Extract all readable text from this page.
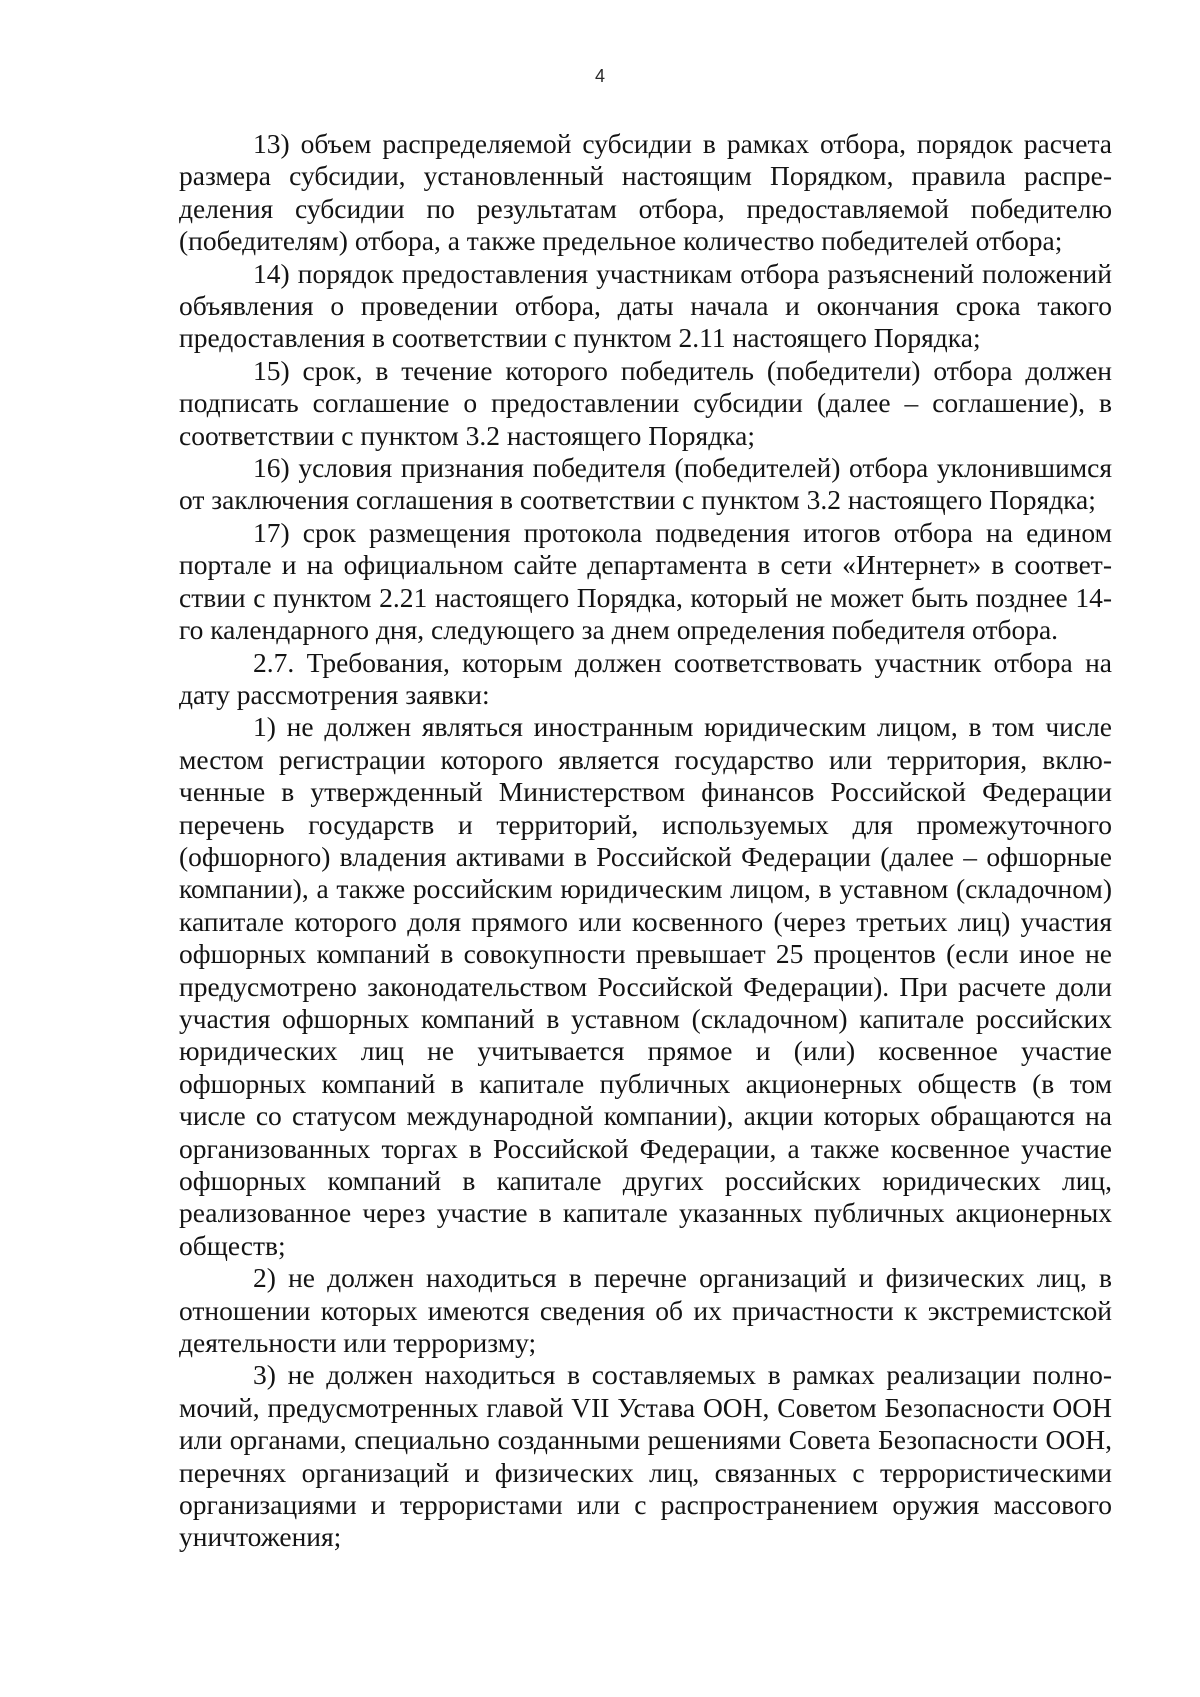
4

13) объем распределяемой субсидии в рамках отбора, порядок расчета размера субсидии, установленный настоящим Порядком, правила распределения субсидии по результатам отбора, предоставляемой победителю (победителям) отбора, а также предельное количество победителей отбора;

14) порядок предоставления участникам отбора разъяснений положений объявления о проведении отбора, даты начала и окончания срока такого предоставления в соответствии с пунктом 2.11 настоящего Порядка;

15) срок, в течение которого победитель (победители) отбора должен подписать соглашение о предоставлении субсидии (далее – соглашение), в соответствии с пунктом 3.2 настоящего Порядка;

16) условия признания победителя (победителей) отбора уклонившимся от заключения соглашения в соответствии с пунктом 3.2 настоящего Порядка;

17) срок размещения протокола подведения итогов отбора на едином портале и на официальном сайте департамента в сети «Интернет» в соответствии с пунктом 2.21 настоящего Порядка, который не может быть позднее 14-го календарного дня, следующего за днем определения победителя отбора.

2.7. Требования, которым должен соответствовать участник отбора на дату рассмотрения заявки:

1) не должен являться иностранным юридическим лицом, в том числе местом регистрации которого является государство или территория, включенные в утвержденный Министерством финансов Российской Федерации перечень государств и территорий, используемых для промежуточного (офшорного) владения активами в Российской Федерации (далее – офшорные компании), а также российским юридическим лицом, в уставном (складочном) капитале которого доля прямого или косвенного (через третьих лиц) участия офшорных компаний в совокупности превышает 25 процентов (если иное не предусмотрено законодательством Российской Федерации). При расчете доли участия офшорных компаний в уставном (складочном) капитале российских юридических лиц не учитывается прямое и (или) косвенное участие офшорных компаний в капитале публичных акционерных обществ (в том числе со статусом международной компании), акции которых обращаются на организованных торгах в Российской Федерации, а также косвенное участие офшорных компаний в капитале других российских юридических лиц, реализованное через участие в капитале указанных публичных акционерных обществ;

2) не должен находиться в перечне организаций и физических лиц, в отношении которых имеются сведения об их причастности к экстремистской деятельности или терроризму;

3) не должен находиться в составляемых в рамках реализации полномочий, предусмотренных главой VII Устава ООН, Советом Безопасности ООН или органами, специально созданными решениями Совета Безопасности ООН, перечнях организаций и физических лиц, связанных с террористическими организациями и террористами или с распространением оружия массового уничтожения;
